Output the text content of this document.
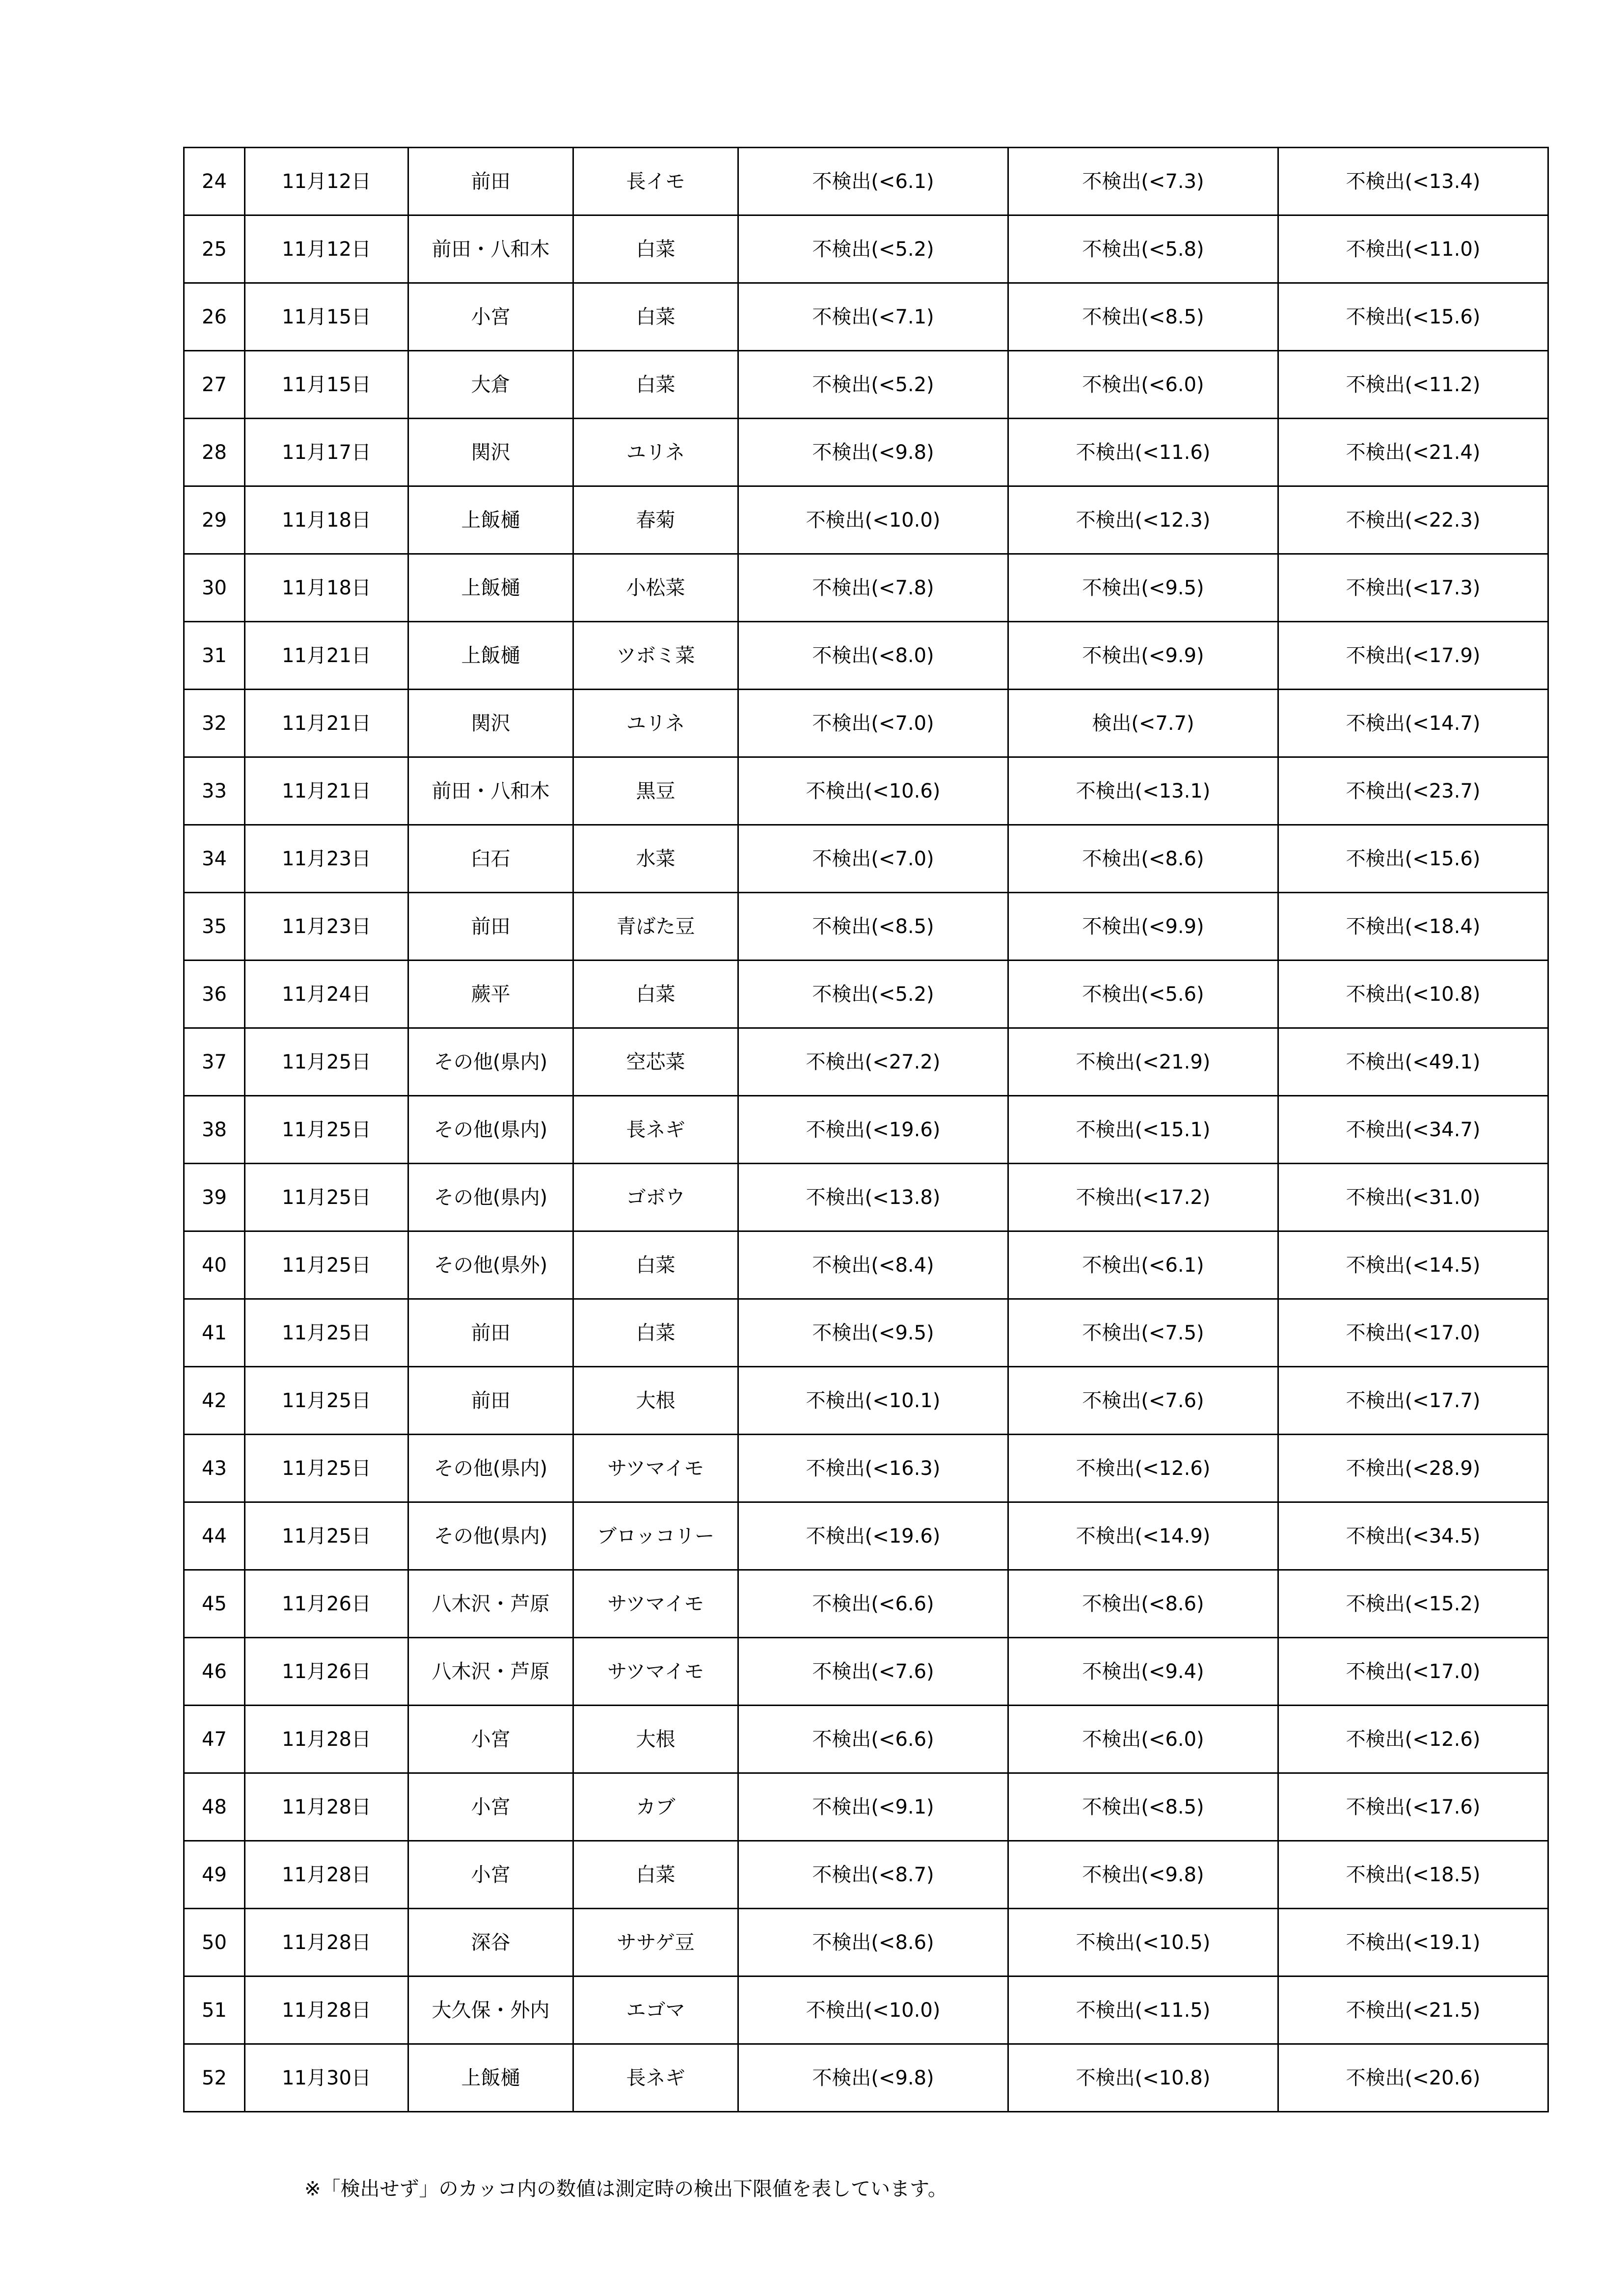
24	11月12日	前田	長イモ	不検出(<6.1)	不検出(<7.3)	不検出(<13.4)
25	11月12日	前田・八和木	白菜	不検出(<5.2)	不検出(<5.8)	不検出(<11.0)
26	11月15日	小宮	白菜	不検出(<7.1)	不検出(<8.5)	不検出(<15.6)
27	11月15日	大倉	白菜	不検出(<5.2)	不検出(<6.0)	不検出(<11.2)
28	11月17日	関沢	ユリネ	不検出(<9.8)	不検出(<11.6)	不検出(<21.4)
29	11月18日	上飯樋	春菊	不検出(<10.0)	不検出(<12.3)	不検出(<22.3)
30	11月18日	上飯樋	小松菜	不検出(<7.8)	不検出(<9.5)	不検出(<17.3)
31	11月21日	上飯樋	ツボミ菜	不検出(<8.0)	不検出(<9.9)	不検出(<17.9)
32	11月21日	関沢	ユリネ	不検出(<7.0)	検出(<7.7)	不検出(<14.7)
33	11月21日	前田・八和木	黒豆	不検出(<10.6)	不検出(<13.1)	不検出(<23.7)
34	11月23日	臼石	水菜	不検出(<7.0)	不検出(<8.6)	不検出(<15.6)
35	11月23日	前田	青ばた豆	不検出(<8.5)	不検出(<9.9)	不検出(<18.4)
36	11月24日	蕨平	白菜	不検出(<5.2)	不検出(<5.6)	不検出(<10.8)
37	11月25日	その他(県内)	空芯菜	不検出(<27.2)	不検出(<21.9)	不検出(<49.1)
38	11月25日	その他(県内)	長ネギ	不検出(<19.6)	不検出(<15.1)	不検出(<34.7)
39	11月25日	その他(県内)	ゴボウ	不検出(<13.8)	不検出(<17.2)	不検出(<31.0)
40	11月25日	その他(県外)	白菜	不検出(<8.4)	不検出(<6.1)	不検出(<14.5)
41	11月25日	前田	白菜	不検出(<9.5)	不検出(<7.5)	不検出(<17.0)
42	11月25日	前田	大根	不検出(<10.1)	不検出(<7.6)	不検出(<17.7)
43	11月25日	その他(県内)	サツマイモ	不検出(<16.3)	不検出(<12.6)	不検出(<28.9)
44	11月25日	その他(県内)	ブロッコリー	不検出(<19.6)	不検出(<14.9)	不検出(<34.5)
45	11月26日	八木沢・芦原	サツマイモ	不検出(<6.6)	不検出(<8.6)	不検出(<15.2)
46	11月26日	八木沢・芦原	サツマイモ	不検出(<7.6)	不検出(<9.4)	不検出(<17.0)
47	11月28日	小宮	大根	不検出(<6.6)	不検出(<6.0)	不検出(<12.6)
48	11月28日	小宮	カブ	不検出(<9.1)	不検出(<8.5)	不検出(<17.6)
49	11月28日	小宮	白菜	不検出(<8.7)	不検出(<9.8)	不検出(<18.5)
50	11月28日	深谷	ササゲ豆	不検出(<8.6)	不検出(<10.5)	不検出(<19.1)
51	11月28日	大久保・外内	エゴマ	不検出(<10.0)	不検出(<11.5)	不検出(<21.5)
52	11月30日	上飯樋	長ネギ	不検出(<9.8)	不検出(<10.8)	不検出(<20.6)
※「検出せず」のカッコ内の数値は測定時の検出下限値を表しています。
